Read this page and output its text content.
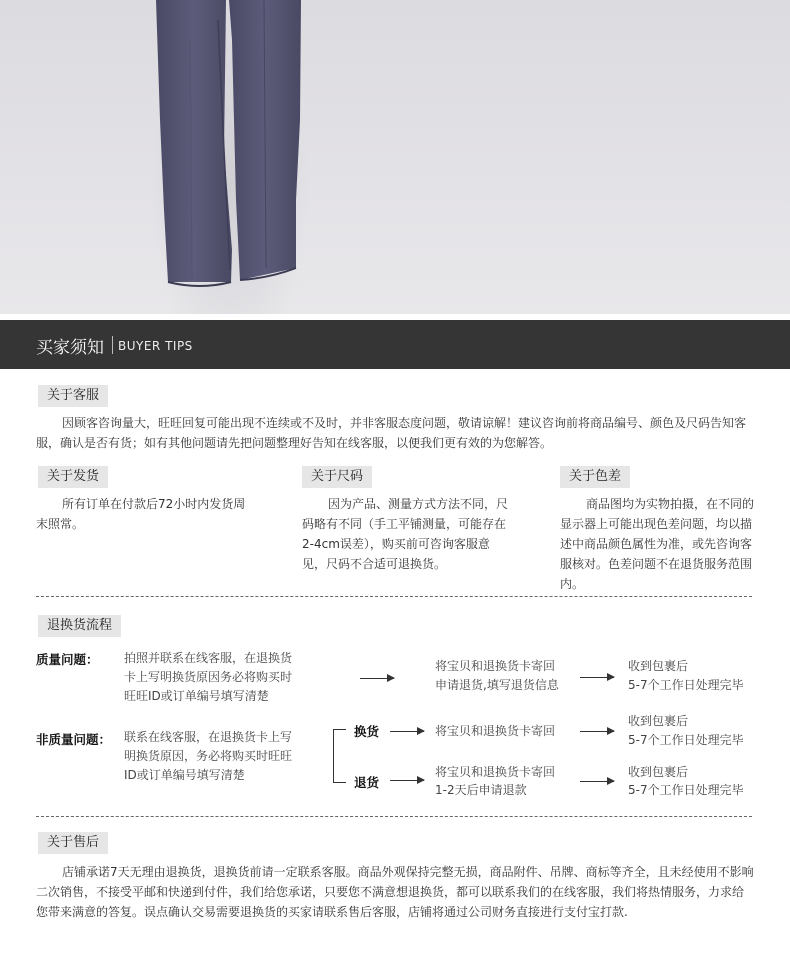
买家须知 BUYER TIPS
关于客服
因顾客咨询量大，旺旺回复可能出现不连续或不及时，并非客服态度问题，敬请谅解！建议咨询前将商品编号、颜色及尺码告知客服，确认是否有货；如有其他问题请先把问题整理好告知在线客服，以便我们更有效的为您解答。
关于发货
所有订单在付款后72小时内发货周末照常。
关于尺码
因为产品、测量方式方法不同，尺码略有不同（手工平铺测量，可能存在2-4cm误差），购买前可咨询客服意见，尺码不合适可退换货。
关于色差
商品图均为实物拍摄，在不同的显示器上可能出现色差问题，均以描述中商品颜色属性为准，或先咨询客服核对。色差问题不在退货服务范围内。
退换货流程
质量问题： 拍照并联系在线客服，在退换货
卡上写明换货原因务必将购买时
旺旺ID或订单编号填写清楚
将宝贝和退换货卡寄回
申请退货,填写退货信息
收到包裹后
5-7个工作日处理完毕
非质量问题： 联系在线客服，在退换货卡上写
明换货原因，务必将购买时旺旺
ID或订单编号填写清楚
换货	将宝贝和退换货卡寄回
收到包裹后
5-7个工作日处理完毕
退货
将宝贝和退换货卡寄回
1-2天后申请退款
收到包裹后
5-7个工作日处理完毕
关于售后
店铺承诺7天无理由退换货，退换货前请一定联系客服。商品外观保持完整无损，商品附件、吊牌、商标等齐全，且未经使用不影响二次销售，不接受平邮和快递到付件，我们给您承诺，只要您不满意想退换货，都可以联系我们的在线客服，我们将热情服务，力求给您带来满意的答复。误点确认交易需要退换货的买家请联系售后客服，店铺将通过公司财务直接进行支付宝打款.
